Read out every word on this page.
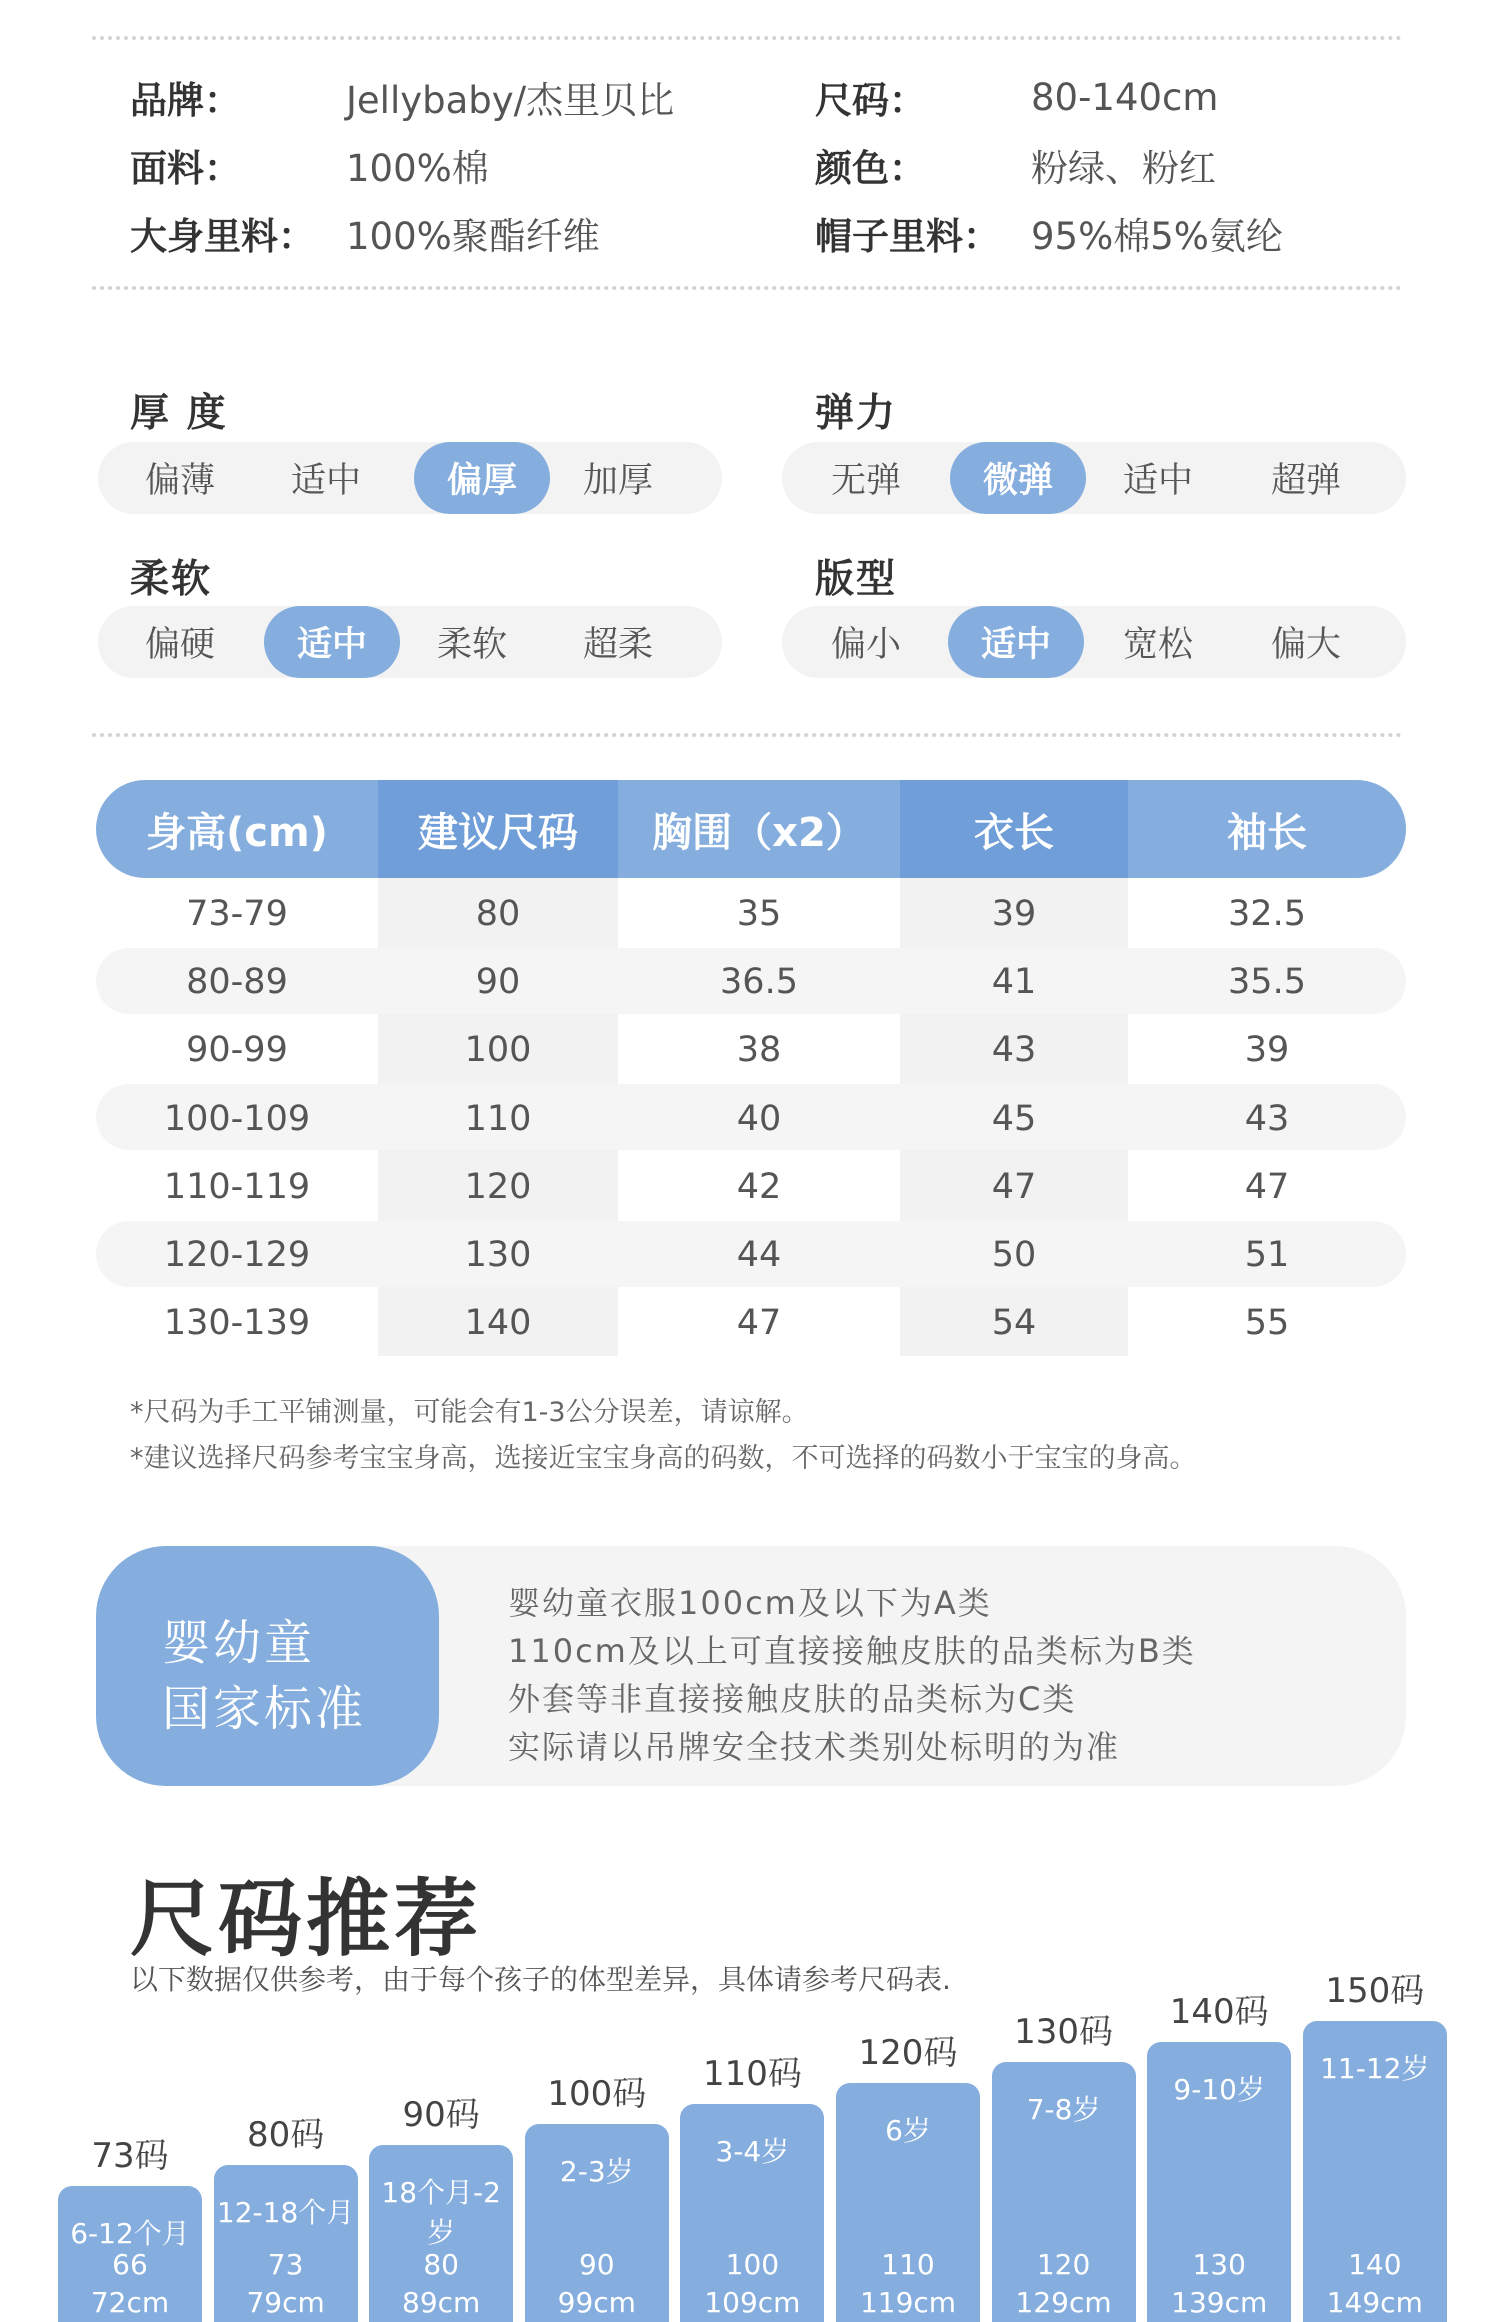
品牌：	Jellybaby/杰里贝比
面料：	100%棉
大身里料： 100%聚酯纤维
尺码：	80-140cm
颜色：	粉绿、粉红
帽子里料： 95%棉5%氨纶
厚 度
偏薄	适中	偏厚	加厚
弹力
无弹	微弹	适中	超弹
柔软
偏硬	适中	柔软	超柔
版型
偏小	适中	宽松	偏大
身高(cm)	建议尺码	胸围（x2）	衣长	袖长
73-79	80	35	39	32.5
80-89	90	36.5	41	35.5
90-99	100	38	43	39
100-109	110	40	45	43
110-119	120	42	47	47
120-129	130	44	50	51
130-139	140	47	54	55
*尺码为手工平铺测量，可能会有1-3公分误差，请谅解。
*建议选择尺码参考宝宝身高，选接近宝宝身高的码数，不可选择的码数小于宝宝的身高。
婴幼童
国家标准
婴幼童衣服100cm及以下为A类
110cm及以上可直接接触皮肤的品类标为B类
外套等非直接接触皮肤的品类标为C类
实际请以吊牌安全技术类别处标明的为准
尺码推荐
以下数据仅供参考，由于每个孩子的体型差异，具体请参考尺码表.
73码
6-12个月
66
72cm
80码
12-18个月
73
79cm
90码
18个月-2岁
80
89cm
100码
2-3岁
90
99cm
110码
3-4岁
100
109cm
120码
6岁
110
119cm
130码
7-8岁
120
129cm
140码
9-10岁
130
139cm
150码
11-12岁
140
149cm
